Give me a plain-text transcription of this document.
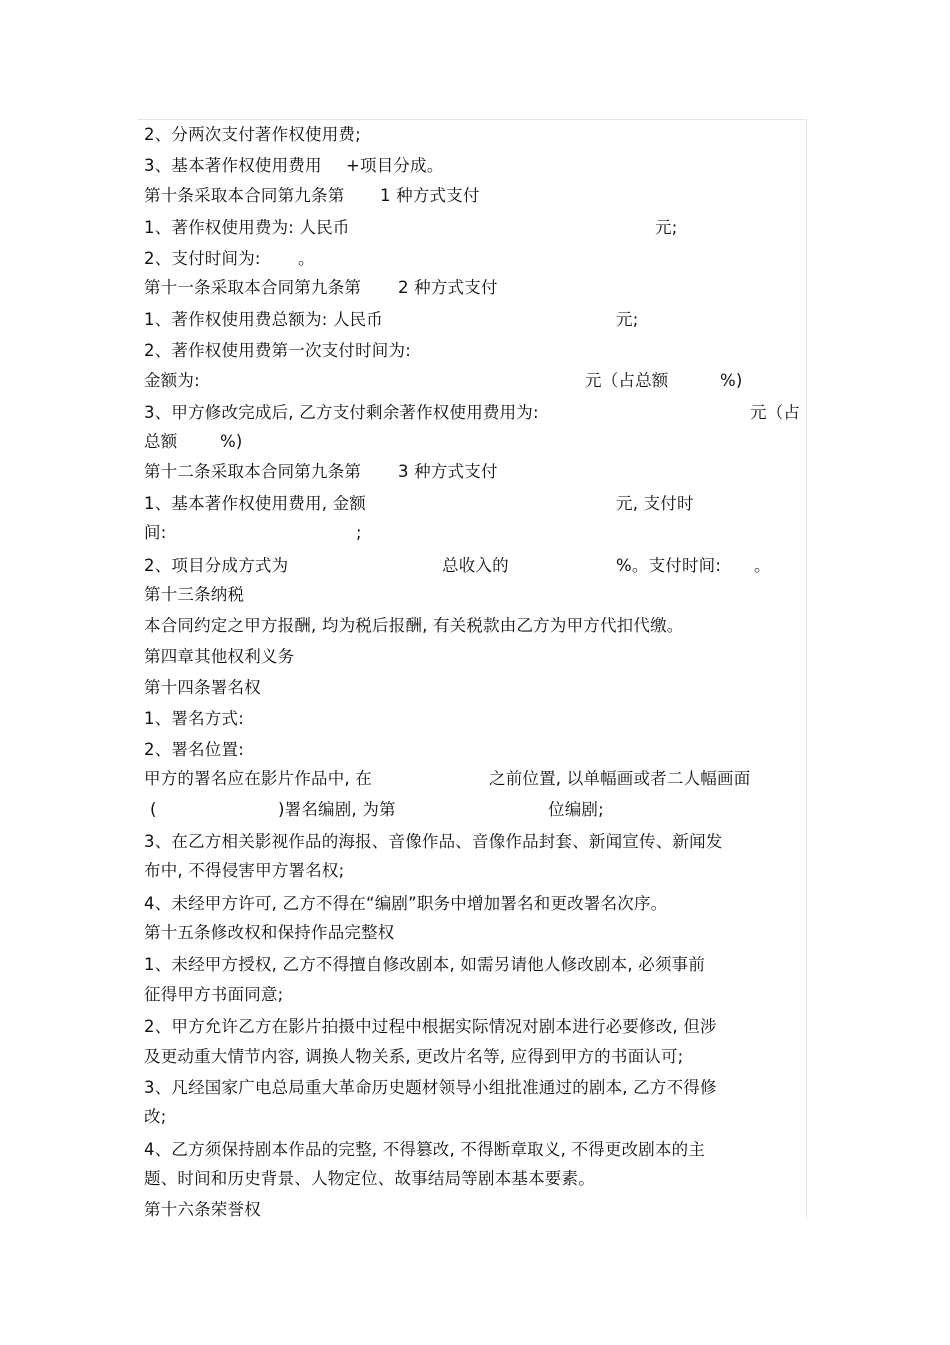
2、分两次支付著作权使用费;
3、基本著作权使用费用 +项目分成。
第十条采取本合同第九条第 1 种方式支付
1、著作权使用费为: 人民币	元;
2、支付时间为: 。
第十一条采取本合同第九条第 2 种方式支付
1、著作权使用费总额为: 人民币	元;
2、著作权使用费第一次支付时间为:
金额为:	元（占总额	%)
3、甲方修改完成后, 乙方支付剩余著作权使用费用为:	元（占
总额	%)
第十二条采取本合同第九条第 3 种方式支付
1、基本著作权使用费用, 金额	元, 支付时
间:	;
2、项目分成方式为	总收入的	%。支付时间: 。
第十三条纳税
本合同约定之甲方报酬, 均为税后报酬, 有关税款由乙方为甲方代扣代缴。
第四章其他权利义务
第十四条署名权
1、署名方式:
2、署名位置:
甲方的署名应在影片作品中, 在	之前位置, 以单幅画或者二人幅画面
(	)署名编剧, 为第	位编剧;
3、在乙方相关影视作品的海报、音像作品、音像作品封套、新闻宣传、新闻发
布中, 不得侵害甲方署名权;
4、未经甲方许可, 乙方不得在“编剧”职务中增加署名和更改署名次序。
第十五条修改权和保持作品完整权
1、未经甲方授权, 乙方不得擅自修改剧本, 如需另请他人修改剧本, 必须事前
征得甲方书面同意;
2、甲方允许乙方在影片拍摄中过程中根据实际情况对剧本进行必要修改, 但涉
及更动重大情节内容, 调换人物关系, 更改片名等, 应得到甲方的书面认可;
3、凡经国家广电总局重大革命历史题材领导小组批准通过的剧本, 乙方不得修
改;
4、乙方须保持剧本作品的完整, 不得篡改, 不得断章取义, 不得更改剧本的主
题、时间和历史背景、人物定位、故事结局等剧本基本要素。
第十六条荣誉权
